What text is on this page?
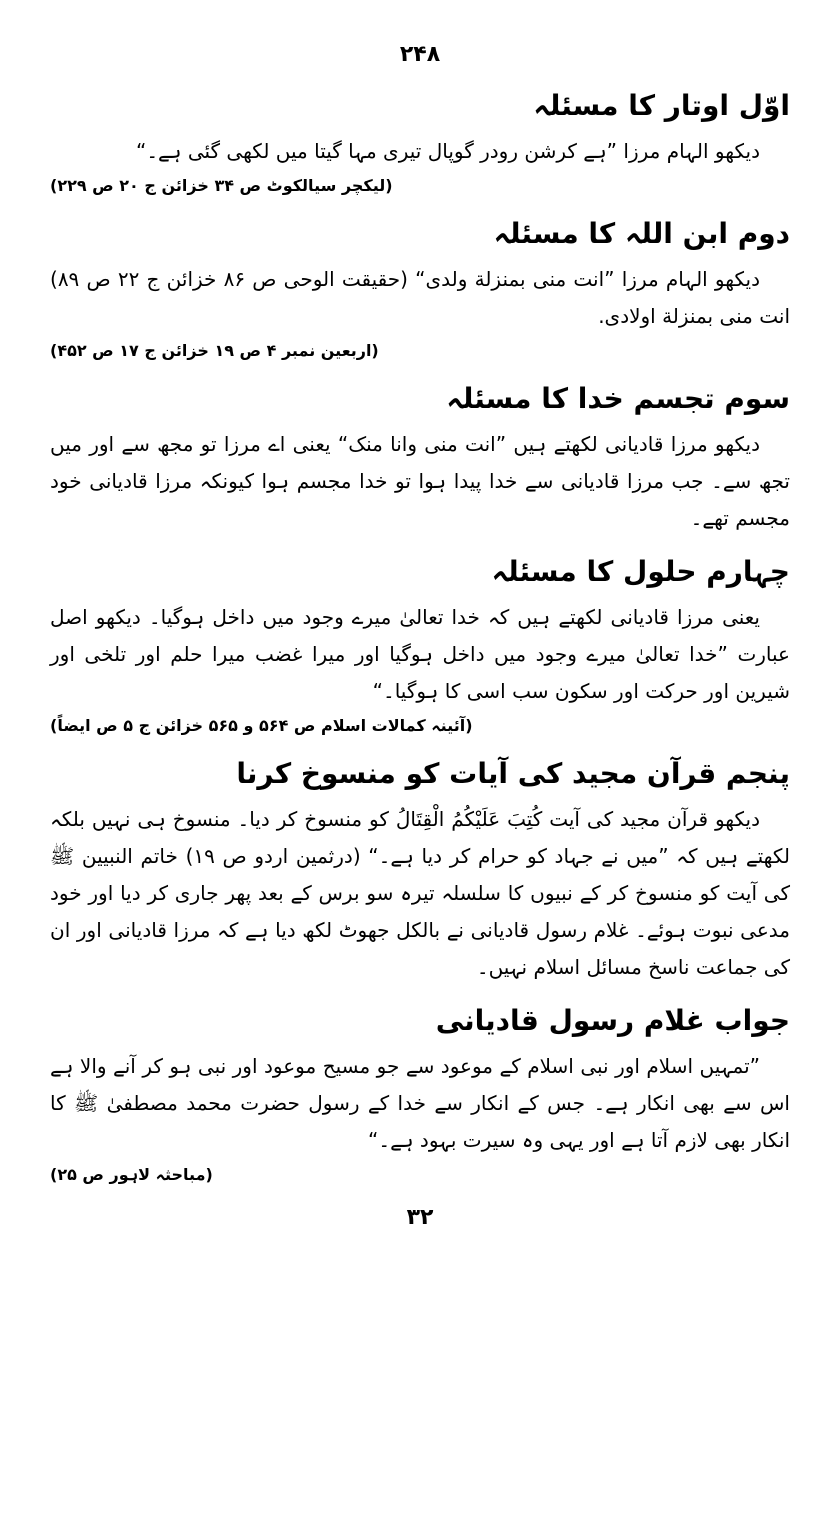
۲۴۸
اوّل اوتار کا مسئلہ

دیکھو الہام مرزا ”ہے کرشن رودر گوپال تیری مہا گیتا میں لکھی گئی ہے۔“

(لیکچر سیالکوٹ ص ۳۴ خزائن ج ۲۰ ص ۲۲۹)
دوم ابن اللہ کا مسئلہ

دیکھو الہام مرزا ”انت منی بمنزلة ولدی“ (حقیقت الوحی ص ۸۶ خزائن ج ۲۲ ص ۸۹) انت منی بمنزلة اولادی.

(اربعین نمبر ۴ ص ۱۹ خزائن ج ۱۷ ص ۴۵۲)
سوم تجسم خدا کا مسئلہ

دیکھو مرزا قادیانی لکھتے ہیں ”انت منی وانا منک“ یعنی اے مرزا تو مجھ سے اور میں تجھ سے۔ جب مرزا قادیانی سے خدا پیدا ہوا تو خدا مجسم ہوا کیونکہ مرزا قادیانی خود مجسم تھے۔

چہارم حلول کا مسئلہ

یعنی مرزا قادیانی لکھتے ہیں کہ خدا تعالیٰ میرے وجود میں داخل ہوگیا۔ دیکھو اصل عبارت ”خدا تعالیٰ میرے وجود میں داخل ہوگیا اور میرا غضب میرا حلم اور تلخی اور شیرین اور حرکت اور سکون سب اسی کا ہوگیا۔“

(آئینہ کمالات اسلام ص ۵۶۴ و ۵۶۵ خزائن ج ۵ ص ایضاً)
پنجم قرآن مجید کی آیات کو منسوخ کرنا

دیکھو قرآن مجید کی آیت کُتِبَ عَلَیْکُمُ الْقِتَالُ کو منسوخ کر دیا۔ منسوخ ہی نہیں بلکہ لکھتے ہیں کہ ”میں نے جہاد کو حرام کر دیا ہے۔“ (درثمین اردو ص ۱۹) خاتم النبیین ﷺ کی آیت کو منسوخ کر کے نبیوں کا سلسلہ تیرہ سو برس کے بعد پھر جاری کر دیا اور خود مدعی نبوت ہوئے۔ غلام رسول قادیانی نے بالکل جھوٹ لکھ دیا ہے کہ مرزا قادیانی اور ان کی جماعت ناسخ مسائل اسلام نہیں۔

جواب غلام رسول قادیانی

”تمہیں اسلام اور نبی اسلام کے موعود سے جو مسیح موعود اور نبی ہو کر آنے والا ہے اس سے بھی انکار ہے۔ جس کے انکار سے خدا کے رسول حضرت محمد مصطفیٰ ﷺ کا انکار بھی لازم آتا ہے اور یہی وہ سیرت بہود ہے۔“

(مباحثہ لاہور ص ۲۵)
۳۲
